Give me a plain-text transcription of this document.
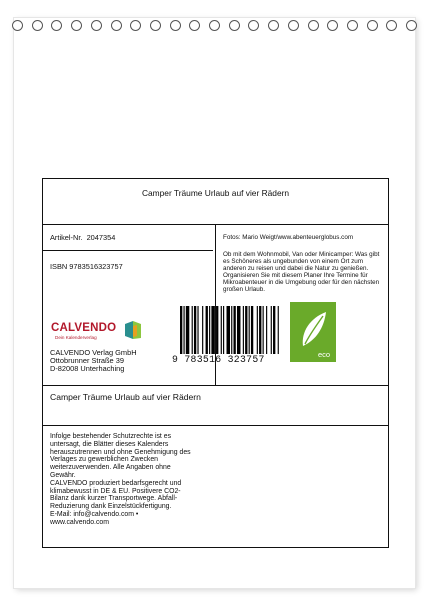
Camper Träume Urlaub auf vier Rädern
Artikel-Nr. 2047354
ISBN 9783516323757
CALVENDO
Dein Kalenderverlag
CALVENDO Verlag GmbH
Ottobrunner Straße 39
D-82008 Unterhaching
Fotos: Mario Weigt/www.abenteuerglobus.com
Ob mit dem Wohnmobil, Van oder Minicamper: Was gibt es Schöneres als ungebunden von einem Ort zum anderen zu reisen und dabei die Natur zu genießen. Organisieren Sie mit diesem Planer Ihre Termine für Mikroabenteuer in die Umgebung oder für den nächsten großen Urlaub.
Camper Träume Urlaub auf vier Rädern
Infolge bestehender Schutzrechte ist es
untersagt, die Blätter dieses Kalenders
herauszutrennen und ohne Genehmigung des
Verlages zu gewerblichen Zwecken
weiterzuverwenden. Alle Angaben ohne
Gewähr.
CALVENDO produziert bedarfsgerecht und
klimabewusst in DE & EU. Positivere CO2-
Bilanz dank kurzer Transportwege. Abfall-
Reduzierung dank Einzelstückfertigung.
E-Mail: info@calvendo.com •
www.calvendo.com
9 783516 323757	eco
